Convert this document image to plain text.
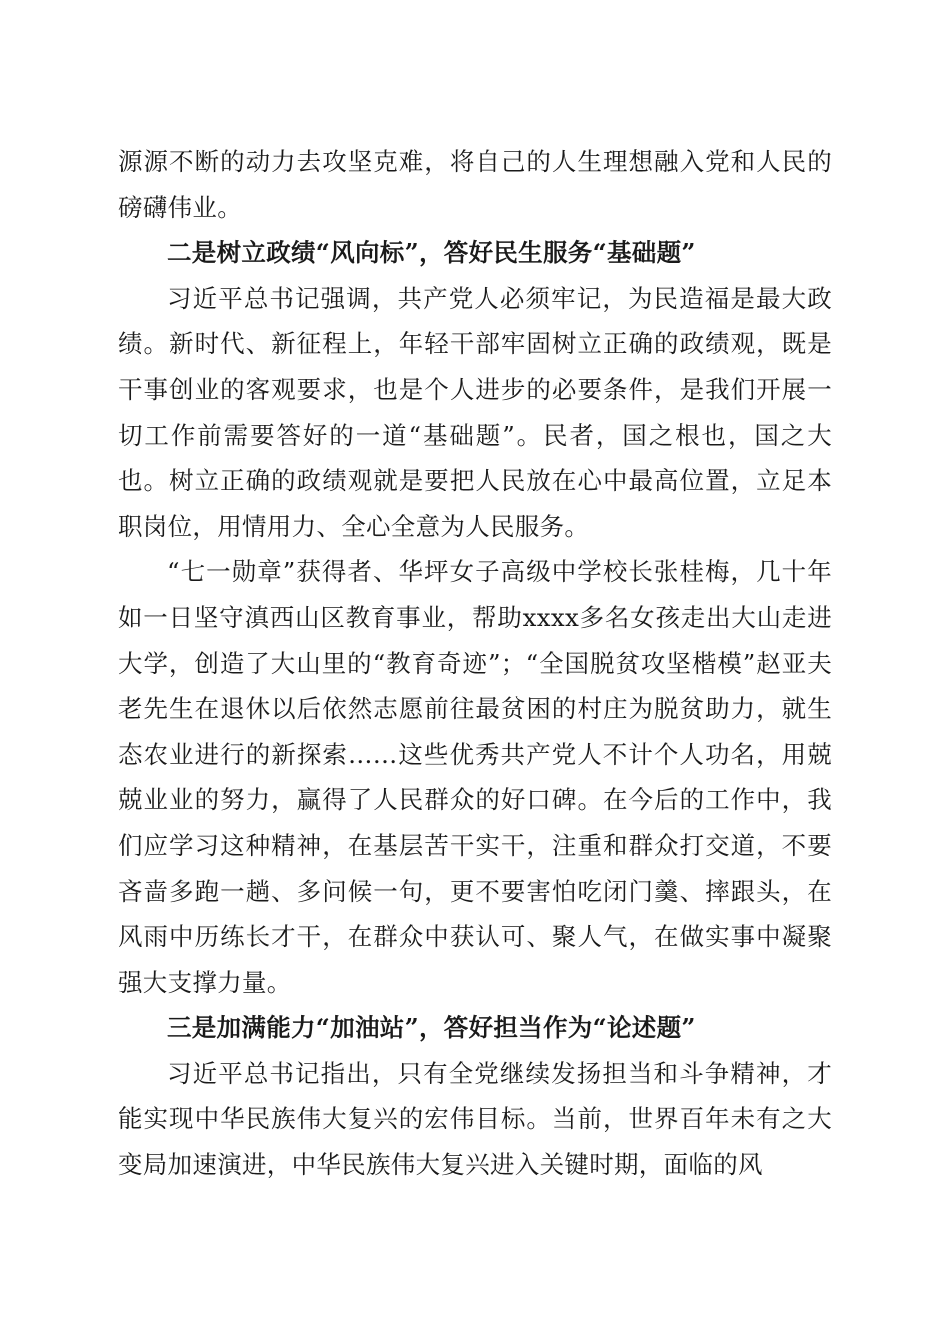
源源不断的动力去攻坚克难，将自己的人生理想融入党和人民的磅礴伟业。

二是树立政绩“风向标”，答好民生服务“基础题”

习近平总书记强调，共产党人必须牢记，为民造福是最大政绩。新时代、新征程上，年轻干部牢固树立正确的政绩观，既是干事创业的客观要求，也是个人进步的必要条件，是我们开展一切工作前需要答好的一道“基础题”。民者，国之根也，国之大也。树立正确的政绩观就是要把人民放在心中最高位置，立足本职岗位，用情用力、全心全意为人民服务。

“七一勋章”获得者、华坪女子高级中学校长张桂梅，几十年如一日坚守滇西山区教育事业，帮助xxxx多名女孩走出大山走进大学，创造了大山里的“教育奇迹”；“全国脱贫攻坚楷模”赵亚夫老先生在退休以后依然志愿前往最贫困的村庄为脱贫助力，就生态农业进行的新探索……这些优秀共产党人不计个人功名，用兢兢业业的努力，赢得了人民群众的好口碑。在今后的工作中，我们应学习这种精神，在基层苦干实干，注重和群众打交道，不要吝啬多跑一趟、多问候一句，更不要害怕吃闭门羹、摔跟头，在风雨中历练长才干，在群众中获认可、聚人气，在做实事中凝聚强大支撑力量。

三是加满能力“加油站”，答好担当作为“论述题”

习近平总书记指出，只有全党继续发扬担当和斗争精神，才能实现中华民族伟大复兴的宏伟目标。当前，世界百年未有之大变局加速演进，中华民族伟大复兴进入关键时期，面临的风
